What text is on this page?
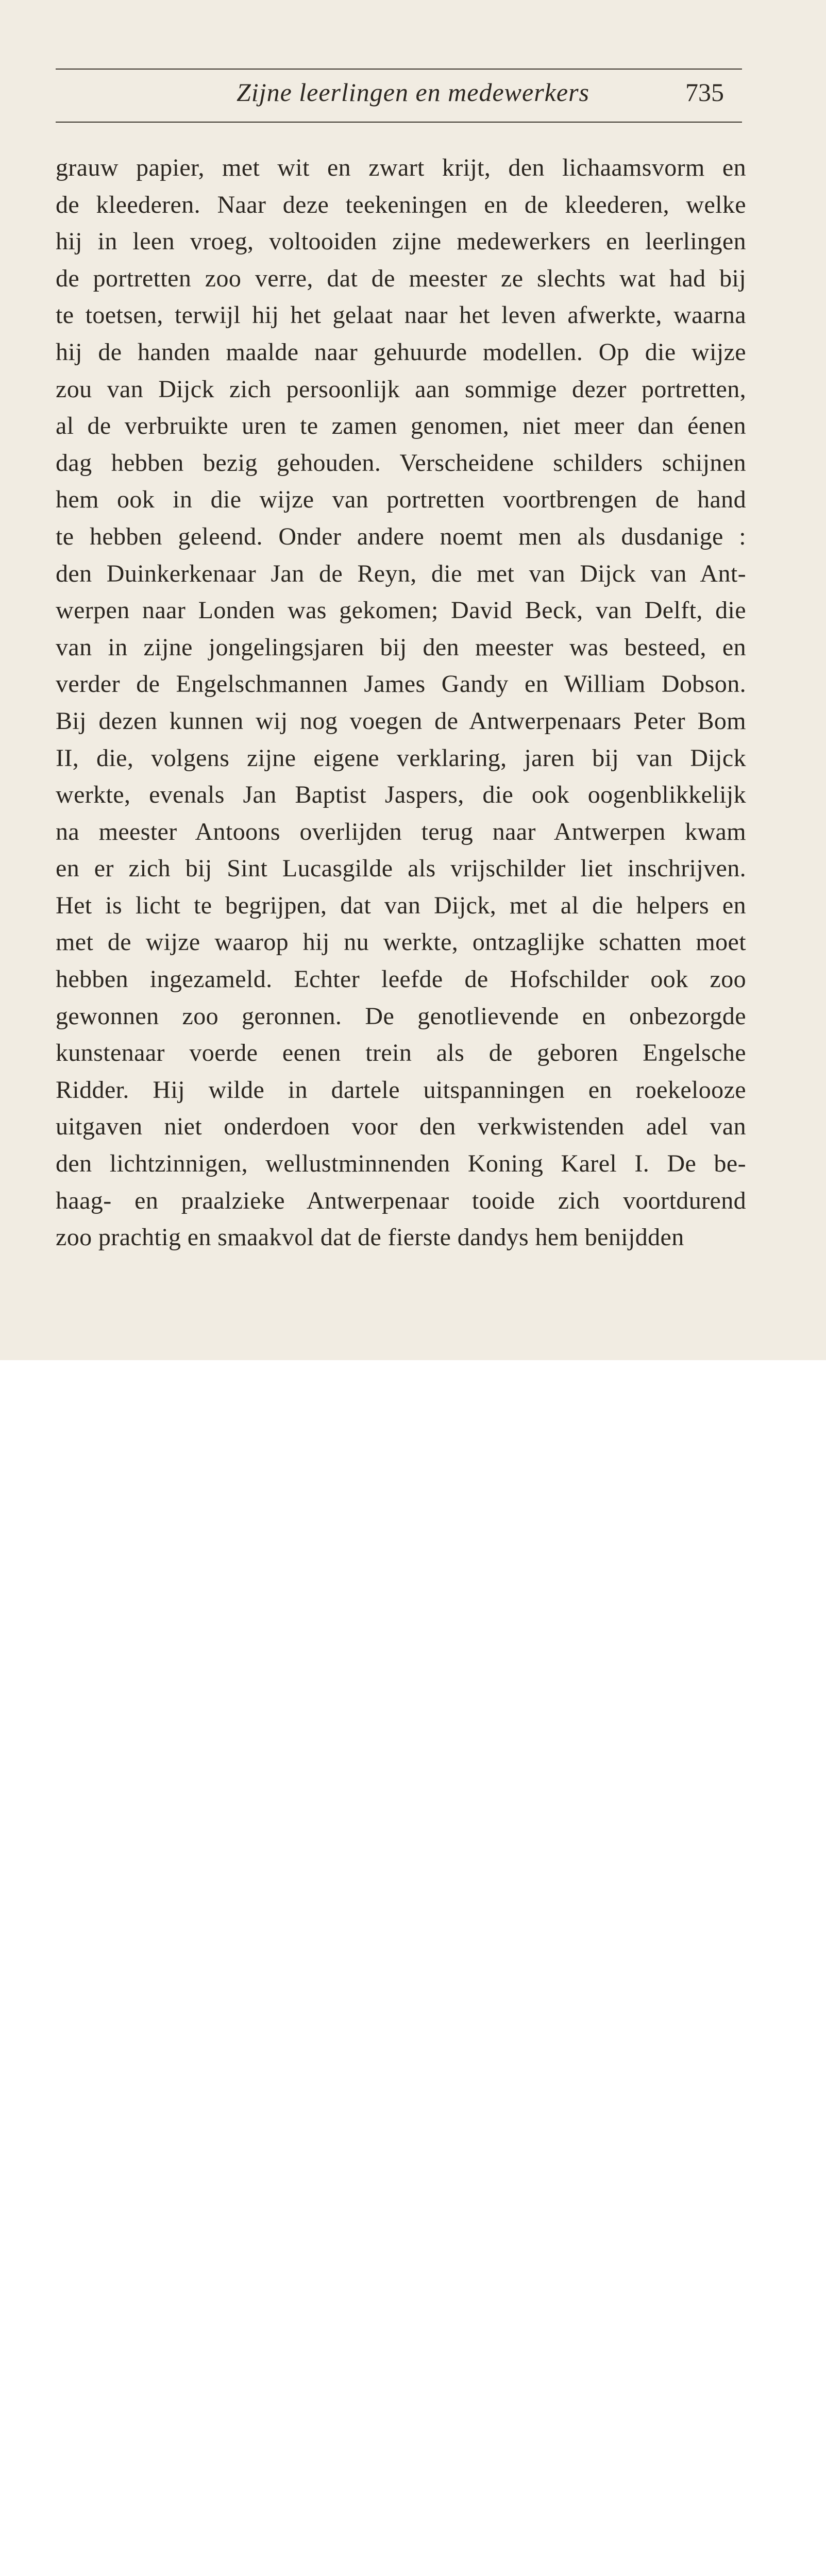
Zijne leerlingen en medewerkers	735
grauw papier, met wit en zwart krijt, den lichaamsvorm en
de kleederen. Naar deze teekeningen en de kleederen, welke
hij in leen vroeg, voltooiden zijne medewerkers en leerlingen
de portretten zoo verre, dat de meester ze slechts wat had bij
te toetsen, terwijl hij het gelaat naar het leven afwerkte, waarna
hij de handen maalde naar gehuurde modellen. Op die wijze
zou van Dijck zich persoonlijk aan sommige dezer portretten,
al de verbruikte uren te zamen genomen, niet meer dan éenen
dag hebben bezig gehouden. Verscheidene schilders schijnen
hem ook in die wijze van portretten voortbrengen de hand
te hebben geleend. Onder andere noemt men als dusdanige :
den Duinkerkenaar Jan de Reyn, die met van Dijck van Ant-
werpen naar Londen was gekomen; David Beck, van Delft, die
van in zijne jongelingsjaren bij den meester was besteed, en
verder de Engelschmannen James Gandy en William Dobson.
Bij dezen kunnen wij nog voegen de Antwerpenaars Peter Bom
II, die, volgens zijne eigene verklaring, jaren bij van Dijck
werkte, evenals Jan Baptist Jaspers, die ook oogenblikkelijk
na meester Antoons overlijden terug naar Antwerpen kwam
en er zich bij Sint Lucasgilde als vrijschilder liet inschrijven.
Het is licht te begrijpen, dat van Dijck, met al die helpers en
met de wijze waarop hij nu werkte, ontzaglijke schatten moet
hebben ingezameld. Echter leefde de Hofschilder ook zoo
gewonnen zoo geronnen. De genotlievende en onbezorgde
kunstenaar voerde eenen trein als de geboren Engelsche
Ridder. Hij wilde in dartele uitspanningen en roekelooze
uitgaven niet onderdoen voor den verkwistenden adel van
den lichtzinnigen, wellustminnenden Koning Karel I. De be-
haag- en praalzieke Antwerpenaar tooide zich voortdurend
zoo prachtig en smaakvol dat de fierste dandys hem benijdden
